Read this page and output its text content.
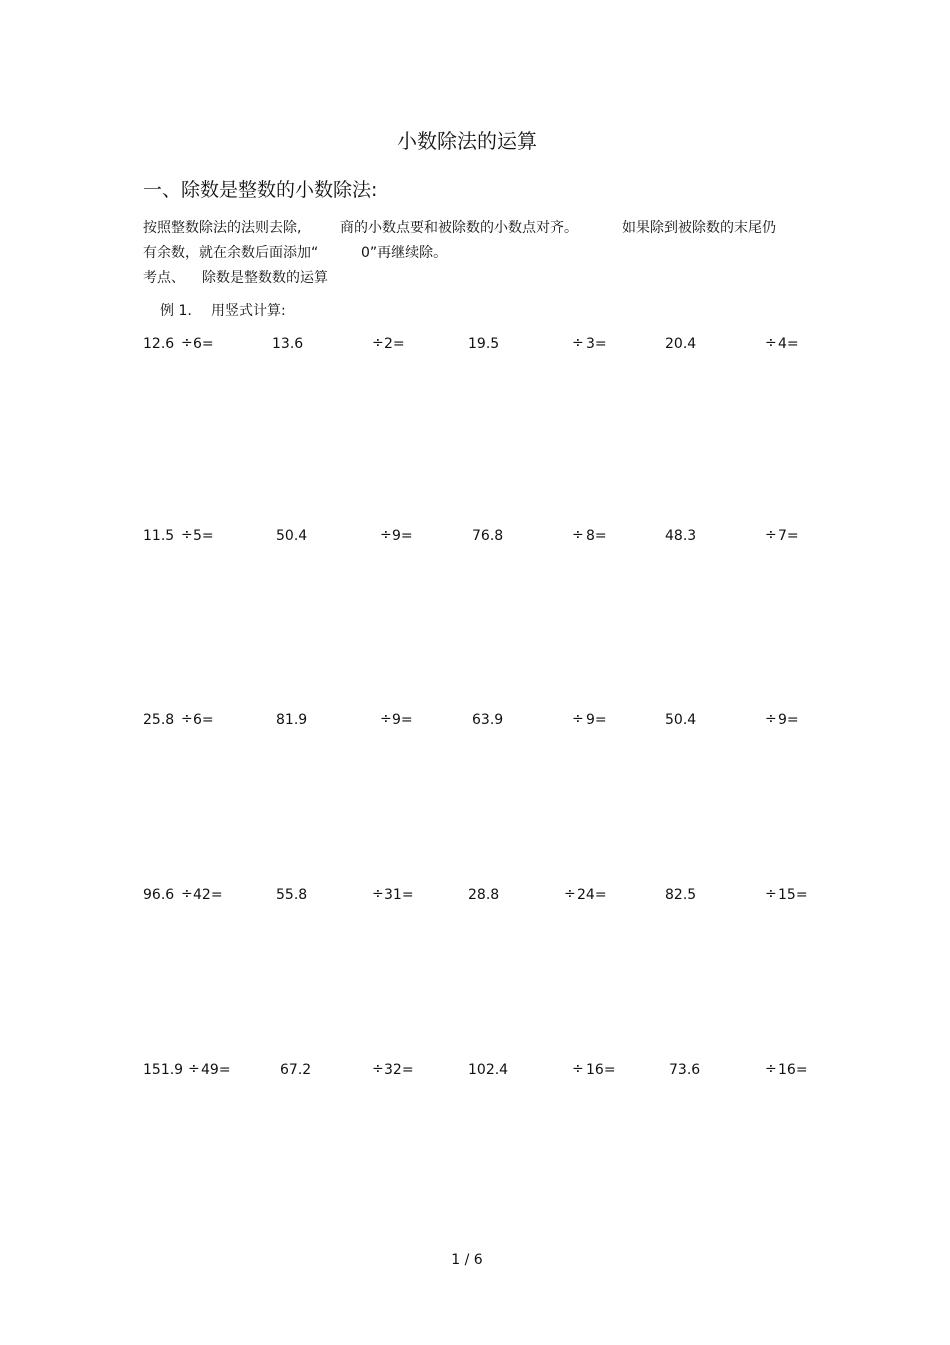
小数除法的运算
一、除数是整数的小数除法:
按照整数除法的法则去除,	商的小数点要和被除数的小数点对齐。	如果除到被除数的末尾仍
有余数，就在余数后面添加“	0”再继续除。
考点、 除数是整数数的运算
例 1. 用竖式计算:
12.6 ÷ 6=	13.6	÷ 2=	19.5	÷ 3=	20.4	÷ 4=
11.5 ÷ 5=	50.4	÷ 9=	76.8	÷ 8=	48.3	÷ 7=
25.8 ÷ 6=	81.9	÷ 9=	63.9	÷ 9=	50.4	÷ 9=
96.6 ÷ 42=	55.8	÷ 31=	28.8	÷ 24=	82.5	÷ 15=
151.9 ÷ 49=	67.2	÷ 32=	102.4	÷ 16=	73.6	÷ 16=
1 / 6
